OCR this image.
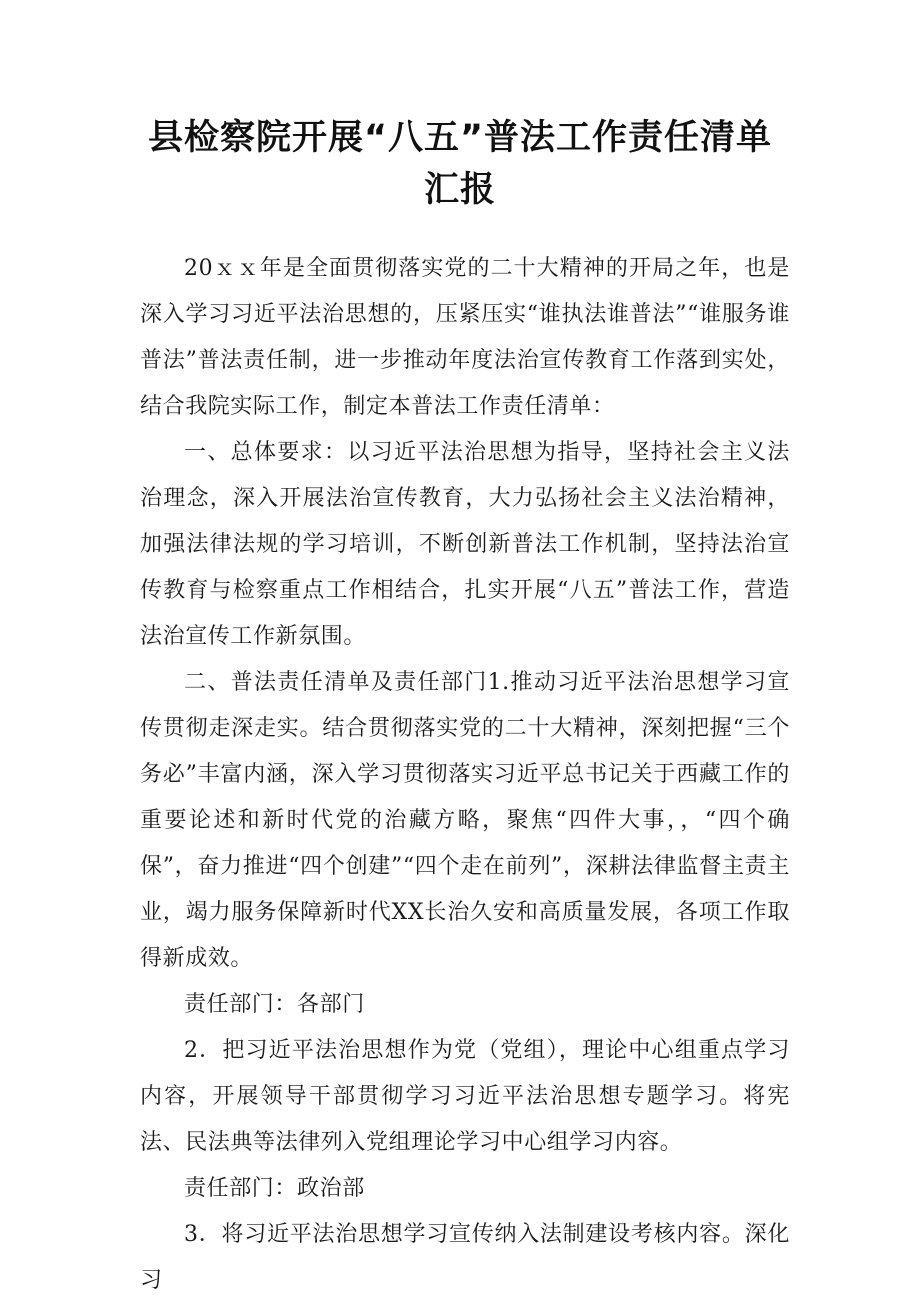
县检察院开展“八五”普法工作责任清单汇报

20ｘｘ年是全面贯彻落实党的二十大精神的开局之年，也是深入学习习近平法治思想的，压紧压实“谁执法谁普法”“谁服务谁普法”普法责任制，进一步推动年度法治宣传教育工作落到实处，结合我院实际工作，制定本普法工作责任清单：

一、总体要求：以习近平法治思想为指导，坚持社会主义法治理念，深入开展法治宣传教育，大力弘扬社会主义法治精神，加强法律法规的学习培训，不断创新普法工作机制，坚持法治宣传教育与检察重点工作相结合，扎实开展“八五”普法工作，营造法治宣传工作新氛围。

二、普法责任清单及责任部门1.推动习近平法治思想学习宣传贯彻走深走实。结合贯彻落实党的二十大精神，深刻把握“三个务必”丰富内涵，深入学习贯彻落实习近平总书记关于西藏工作的重要论述和新时代党的治藏方略，聚焦“四件大事，，“四个确保”，奋力推进“四个创建”“四个走在前列”，深耕法律监督主责主业，竭力服务保障新时代XX长治久安和高质量发展，各项工作取得新成效。

责任部门：各部门

2．把习近平法治思想作为党（党组），理论中心组重点学习内容，开展领导干部贯彻学习习近平法治思想专题学习。将宪法、民法典等法律列入党组理论学习中心组学习内容。

责任部门：政治部

3．将习近平法治思想学习宣传纳入法制建设考核内容。深化习
